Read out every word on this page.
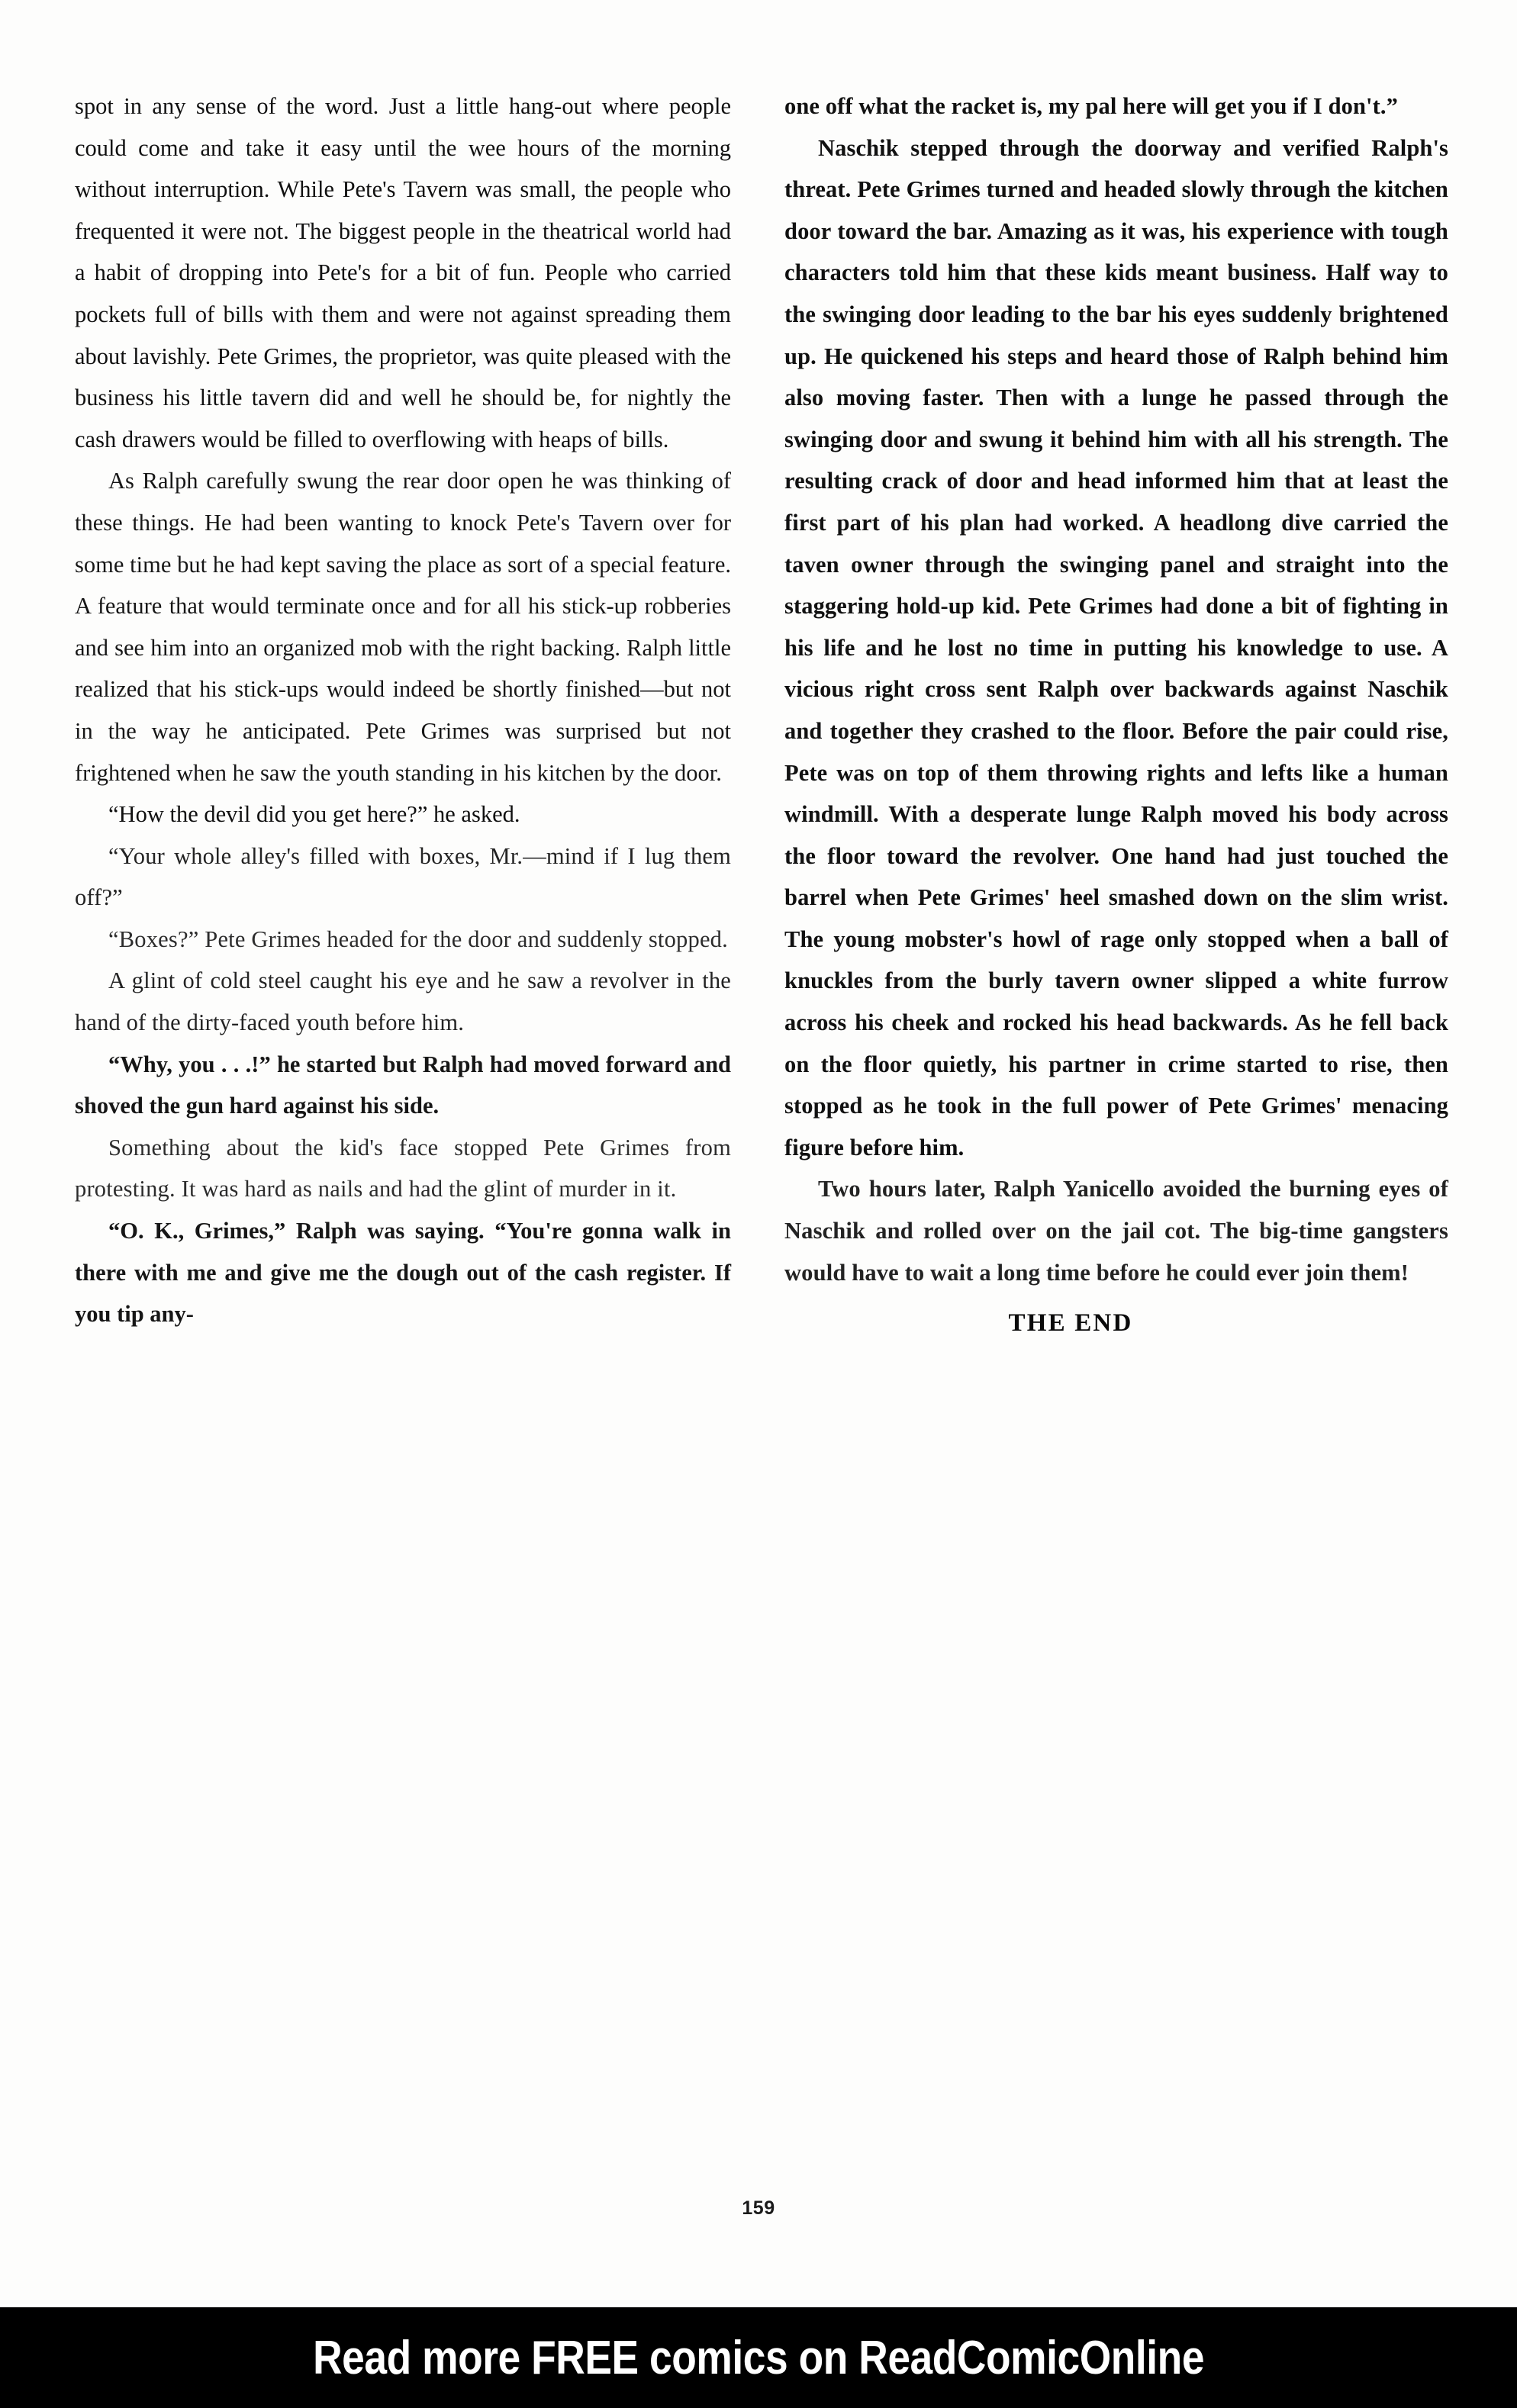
spot in any sense of the word. Just a little hang-out where people could come and take it easy until the wee hours of the morning without interruption. While Pete's Tavern was small, the people who frequented it were not. The biggest people in the theatrical world had a habit of dropping into Pete's for a bit of fun. People who carried pockets full of bills with them and were not against spreading them about lavishly. Pete Grimes, the proprietor, was quite pleased with the business his little tavern did and well he should be, for nightly the cash drawers would be filled to overflowing with heaps of bills.

As Ralph carefully swung the rear door open he was thinking of these things. He had been wanting to knock Pete's Tavern over for some time but he had kept saving the place as sort of a special feature. A feature that would terminate once and for all his stick-up robberies and see him into an organized mob with the right backing. Ralph little realized that his stick-ups would indeed be shortly finished—but not in the way he anticipated. Pete Grimes was surprised but not frightened when he saw the youth standing in his kitchen by the door.

“How the devil did you get here?” he asked.

“Your whole alley's filled with boxes, Mr.—mind if I lug them off?”

“Boxes?” Pete Grimes headed for the door and suddenly stopped.

A glint of cold steel caught his eye and he saw a revolver in the hand of the dirty-faced youth before him.

“Why, you . . .!” he started but Ralph had moved forward and shoved the gun hard against his side.

Something about the kid's face stopped Pete Grimes from protesting. It was hard as nails and had the glint of murder in it.

“O. K., Grimes,” Ralph was saying. “You're gonna walk in there with me and give me the dough out of the cash register. If you tip any-

one off what the racket is, my pal here will get you if I don't.”

Naschik stepped through the doorway and verified Ralph's threat. Pete Grimes turned and headed slowly through the kitchen door toward the bar. Amazing as it was, his experience with tough characters told him that these kids meant business. Half way to the swinging door leading to the bar his eyes suddenly brightened up. He quickened his steps and heard those of Ralph behind him also moving faster. Then with a lunge he passed through the swinging door and swung it behind him with all his strength. The resulting crack of door and head informed him that at least the first part of his plan had worked. A headlong dive carried the taven owner through the swinging panel and straight into the staggering hold-up kid. Pete Grimes had done a bit of fighting in his life and he lost no time in putting his knowledge to use. A vicious right cross sent Ralph over backwards against Naschik and together they crashed to the floor. Before the pair could rise, Pete was on top of them throwing rights and lefts like a human windmill. With a desperate lunge Ralph moved his body across the floor toward the revolver. One hand had just touched the barrel when Pete Grimes' heel smashed down on the slim wrist. The young mobster's howl of rage only stopped when a ball of knuckles from the burly tavern owner slipped a white furrow across his cheek and rocked his head backwards. As he fell back on the floor quietly, his partner in crime started to rise, then stopped as he took in the full power of Pete Grimes' menacing figure before him.

Two hours later, Ralph Yanicello avoided the burning eyes of Naschik and rolled over on the jail cot. The big-time gangsters would have to wait a long time before he could ever join them!

THE END
159
Read more FREE comics on ReadComicOnline
